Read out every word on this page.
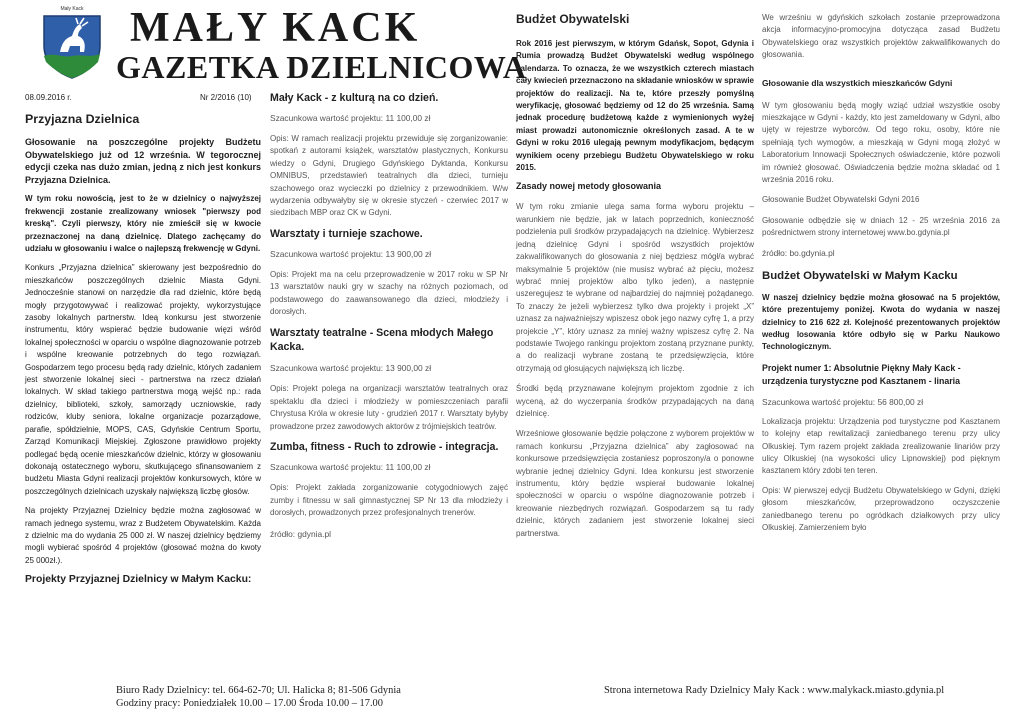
Mały Kack	MAŁY KACK
GAZETKA DZIELNICOWA
08.09.2016 r.	Nr 2/2016 (10)
Przyjazna Dzielnica

Głosowanie na poszczególne projekty Budżetu Obywatelskiego już od 12 września. W tegorocznej edycji czeka nas dużo zmian, jedną z nich jest konkurs Przyjazna Dzielnica.

W tym roku nowością, jest to że w dzielnicy o najwyższej frekwencji zostanie zrealizowany wniosek "pierwszy pod kreską". Czyli pierwszy, który nie zmieścił się w kwocie przeznaczonej na daną dzielnicę. Dlatego zachęcamy do udziału w głosowaniu i walce o najlepszą frekwencję w Gdyni.

Konkurs „Przyjazna dzielnica” skierowany jest bezpośrednio do mieszkańców poszczególnych dzielnic Miasta Gdyni. Jednocześnie stanowi on narzędzie dla rad dzielnic, które będą mogły przygotowywać i realizować projekty, wykorzystujące zasoby lokalnych partnerstw. Ideą konkursu jest stworzenie instrumentu, który wspierać będzie budowanie więzi wśród lokalnej społeczności w oparciu o wspólne diagnozowanie potrzeb i wspólne kreowanie potrzebnych do tego rozwiązań. Gospodarzem tego procesu będą rady dzielnic, których zadaniem jest stworzenie lokalnej sieci - partnerstwa na rzecz działań lokalnych. W skład takiego partnerstwa mogą wejść np.: rada dzielnicy, biblioteki, szkoły, samorządy uczniowskie, rady rodziców, kluby seniora, lokalne organizacje pozarządowe, parafie, spółdzielnie, MOPS, CAS, Gdyńskie Centrum Sportu, Zarząd Komunikacji Miejskiej. Zgłoszone prawidłowo projekty podlegać będą ocenie mieszkańców dzielnic, którzy w głosowaniu dokonają ostatecznego wyboru, skutkującego sfinansowaniem z budżetu Miasta Gdyni realizacji projektów konkursowych, które w poszczególnych dzielnicach uzyskały największą liczbę głosów.

Na projekty Przyjaznej Dzielnicy będzie można zagłosować w ramach jednego systemu, wraz z Budżetem Obywatelskim. Każda z dzielnic ma do wydania 25 000 zł. W naszej dzielnicy będziemy mogli wybierać spośród 4 projektów (głosować można do kwoty 25 000zł.).

Projekty Przyjaznej Dzielnicy w Małym Kacku:
Mały Kack - z kulturą na co dzień.
Szacunkowa wartość projektu: 11 100,00 zł

Opis: W ramach realizacji projektu przewiduje się zorganizowanie: spotkań z autorami książek, warsztatów plastycznych, Konkursu wiedzy o Gdyni, Drugiego Gdyńskiego Dyktanda, Konkursu OMNIBUS, przedstawień teatralnych dla dzieci, turnieju szachowego oraz wycieczki po dzielnicy z przewodnikiem. W/w wydarzenia odbywałyby się w okresie styczeń - czerwiec 2017 w siedzibach MBP oraz CK w Gdyni.

Warsztaty i turnieje szachowe.
Szacunkowa wartość projektu: 13 900,00 zł

Opis: Projekt ma na celu przeprowadzenie w 2017 roku w SP Nr 13 warsztatów nauki gry w szachy na różnych poziomach, od podstawowego do zaawansowanego dla dzieci, młodzieży i dorosłych.

Warsztaty teatralne - Scena młodych Małego Kacka.
Szacunkowa wartość projektu: 13 900,00 zł

Opis: Projekt polega na organizacji warsztatów teatralnych oraz spektaklu dla dzieci i młodzieży w pomieszczeniach parafii Chrystusa Króla w okresie luty - grudzień 2017 r. Warsztaty byłyby prowadzone przez zawodowych aktorów z trójmiejskich teatrów.

Zumba, fitness - Ruch to zdrowie - integracja.
Szacunkowa wartość projektu: 11 100,00 zł

Opis: Projekt zakłada zorganizowanie cotygodniowych zajęć zumby i fitnessu w sali gimnastycznej SP Nr 13 dla młodzieży i dorosłych, prowadzonych przez profesjonalnych trenerów.

źródło: gdynia.pl
Budżet Obywatelski

Rok 2016 jest pierwszym, w którym Gdańsk, Sopot, Gdynia i Rumia prowadzą Budżet Obywatelski według wspólnego kalendarza. To oznacza, że we wszystkich czterech miastach cały kwiecień przeznaczono na składanie wniosków w sprawie projektów do realizacji. Na te, które przeszły pomyślną weryfikację, głosować będziemy od 12 do 25 września. Samą jednak procedurę budżetową każde z wymienionych wyżej miast prowadzi autonomicznie określonych zasad. A te w Gdyni w roku 2016 ulegają pewnym modyfikacjom, będącym wynikiem oceny przebiegu Budżetu Obywatelskiego w roku 2015.

Zasady nowej metody głosowania

W tym roku zmianie ulega sama forma wyboru projektu – warunkiem nie będzie, jak w latach poprzednich, konieczność podzielenia puli środków przypadających na dzielnicę. Wybierzesz jedną dzielnicę Gdyni i spośród wszystkich projektów zakwalifikowanych do głosowania z niej będziesz mógł/a wybrać maksymalnie 5 projektów (nie musisz wybrać aż pięciu, możesz wybrać mniej projektów albo tylko jeden), a następnie uszeregujesz te wybrane od najbardziej do najmniej pożądanego. To znaczy że jeżeli wybierzesz tylko dwa projekty i projekt „X” uznasz za najważniejszy wpiszesz obok jego nazwy cyfrę 1, a przy projekcie „Y”, który uznasz za mniej ważny wpiszesz cyfrę 2. Na podstawie Twojego rankingu projektom zostaną przyznane punkty, a do realizacji wybrane zostaną te przedsięwzięcia, które otrzymają od głosujących największą ich liczbę.

Środki będą przyznawane kolejnym projektom zgodnie z ich wyceną, aż do wyczerpania środków przypadających na daną dzielnicę.

Wrześniowe głosowanie będzie połączone z wyborem projektów w ramach konkursu „Przyjazna dzielnica” aby zagłosować na konkursowe przedsięwzięcia zostaniesz poproszony/a o ponowne wybranie jednej dzielnicy Gdyni. Idea konkursu jest stworzenie instrumentu, który będzie wspierał budowanie lokalnej społeczności w oparciu o wspólne diagnozowanie potrzeb i kreowanie niezbędnych rozwiązań. Gospodarzem są tu rady dzielnic, których zadaniem jest stworzenie lokalnej sieci partnerstwa.

We wrześniu w gdyńskich szkołach zostanie przeprowadzona akcja informacyjno-promocyjna dotycząca zasad Budżetu Obywatelskiego oraz wszystkich projektów zakwalifikowanych do głosowania.

Głosowanie dla wszystkich mieszkańców Gdyni

W tym głosowaniu będą mogły wziąć udział wszystkie osoby mieszkające w Gdyni - każdy, kto jest zameldowany w Gdyni, albo ujęty w rejestrze wyborców. Od tego roku, osoby, które nie spełniają tych wymogów, a mieszkają w Gdyni mogą złożyć w Laboratorium Innowacji Społecznych oświadczenie, które pozwoli im również głosować. Oświadczenia będzie można składać od 1 września 2016 roku.

Głosowanie Budżet Obywatelski Gdyni 2016

Głosowanie odbędzie się w dniach 12 - 25 września 2016 za pośrednictwem strony internetowej www.bo.gdynia.pl

źródło: bo.gdynia.pl
Budżet Obywatelski w Małym Kacku

W naszej dzielnicy będzie można głosować na 5 projektów, które prezentujemy poniżej. Kwota do wydania w naszej dzielnicy to 216 622 zł. Kolejność prezentowanych projektów według losowania które odbyło się w Parku Naukowo Technologicznym.

Projekt numer 1: Absolutnie Piękny Mały Kack - urządzenia turystyczne pod Kasztanem - linaria
Szacunkowa wartość projektu: 56 800,00 zł

Lokalizacja projektu: Urządzenia pod turystyczne pod Kasztanem to kolejny etap rewitalizacji zaniedbanego terenu przy ulicy Olkuskiej. Tym razem projekt zakłada zrealizowanie linariów przy ulicy Olkuskiej (na wysokości ulicy Lipnowskiej) pod pięknym kasztanem który zdobi ten teren.

Opis: W pierwszej edycji Budżetu Obywatelskiego w Gdyni, dzięki głosom mieszkańców, przeprowadzono oczyszczenie zaniedbanego terenu po ogródkach działkowych przy ulicy Olkuskiej. Zamierzeniem było

Biuro Rady Dzielnicy: tel. 664-62-70; Ul. Halicka 8; 81-506 Gdynia
Godziny pracy: Poniedziałek 10.00 – 17.00 Środa 10.00 – 17.00
Strona internetowa Rady Dzielnicy Mały Kack : www.malykack.miasto.gdynia.pl
